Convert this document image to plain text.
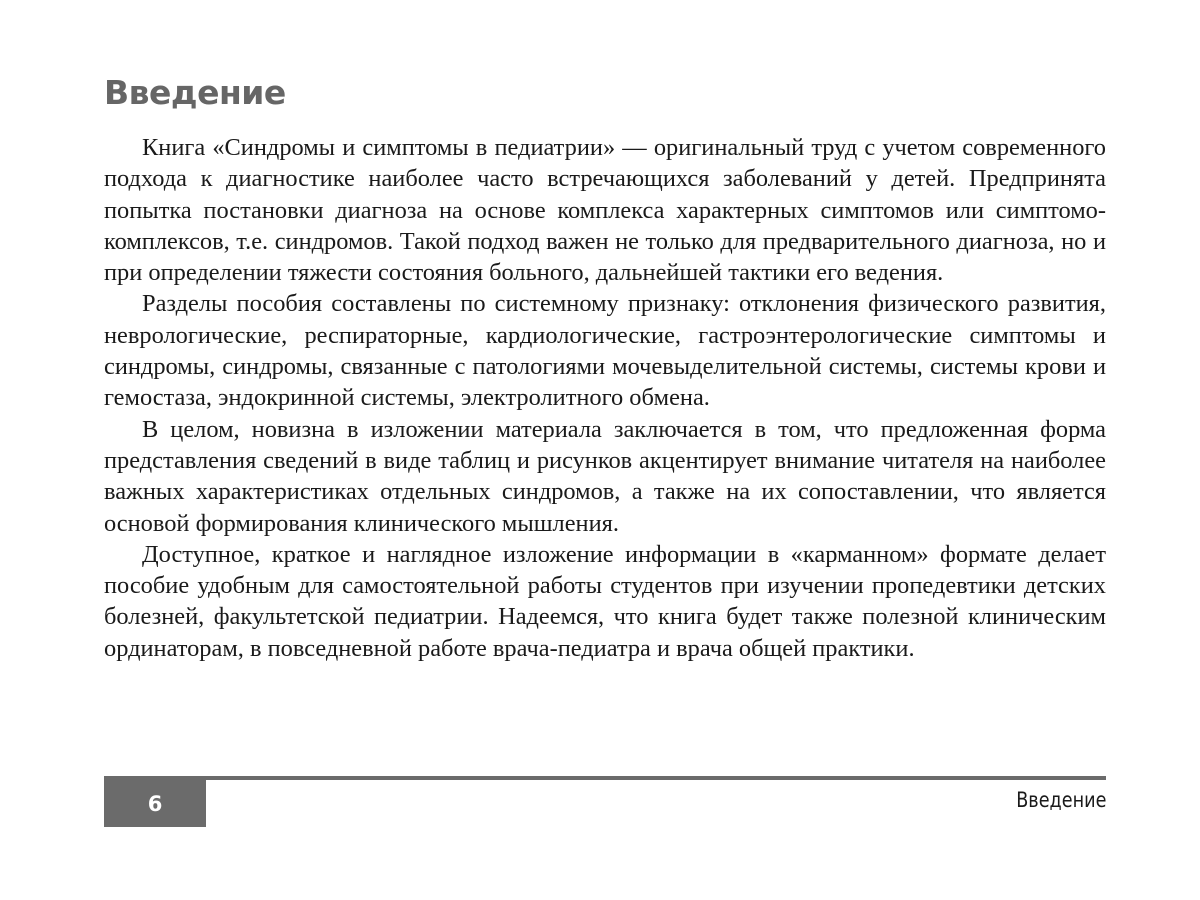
Введение

Книга «Синдромы и симптомы в педиатрии» — оригинальный труд с учетом современного подхода к диагностике наиболее часто встречающихся заболеваний у детей. Предпринята попытка постановки диагноза на основе комплекса характерных симптомов или симптомокомплексов, т.е. синдромов. Такой подход важен не только для предварительного диагноза, но и при определении тяжести состояния больного, дальнейшей тактики его ведения.

Разделы пособия составлены по системному признаку: отклонения физического развития, неврологические, респираторные, кардиологические, гастроэнтерологические симптомы и синдромы, синдромы, связанные с патологиями мочевыделительной системы, системы крови и гемостаза, эндокринной системы, электролитного обмена.

В целом, новизна в изложении материала заключается в том, что предложенная форма представления сведений в виде таблиц и рисунков акцентирует внимание читателя на наиболее важных характеристиках отдельных синдромов, а также на их сопоставлении, что является основой формирования клинического мышления.

Доступное, краткое и наглядное изложение информации в «карманном» формате делает пособие удобным для самостоятельной работы студентов при изучении пропедевтики детских болезней, факультетской педиатрии. Надеемся, что книга будет также полезной клиническим ординаторам, в повседневной работе врача-педиатра и врача общей практики.

6	Введение
